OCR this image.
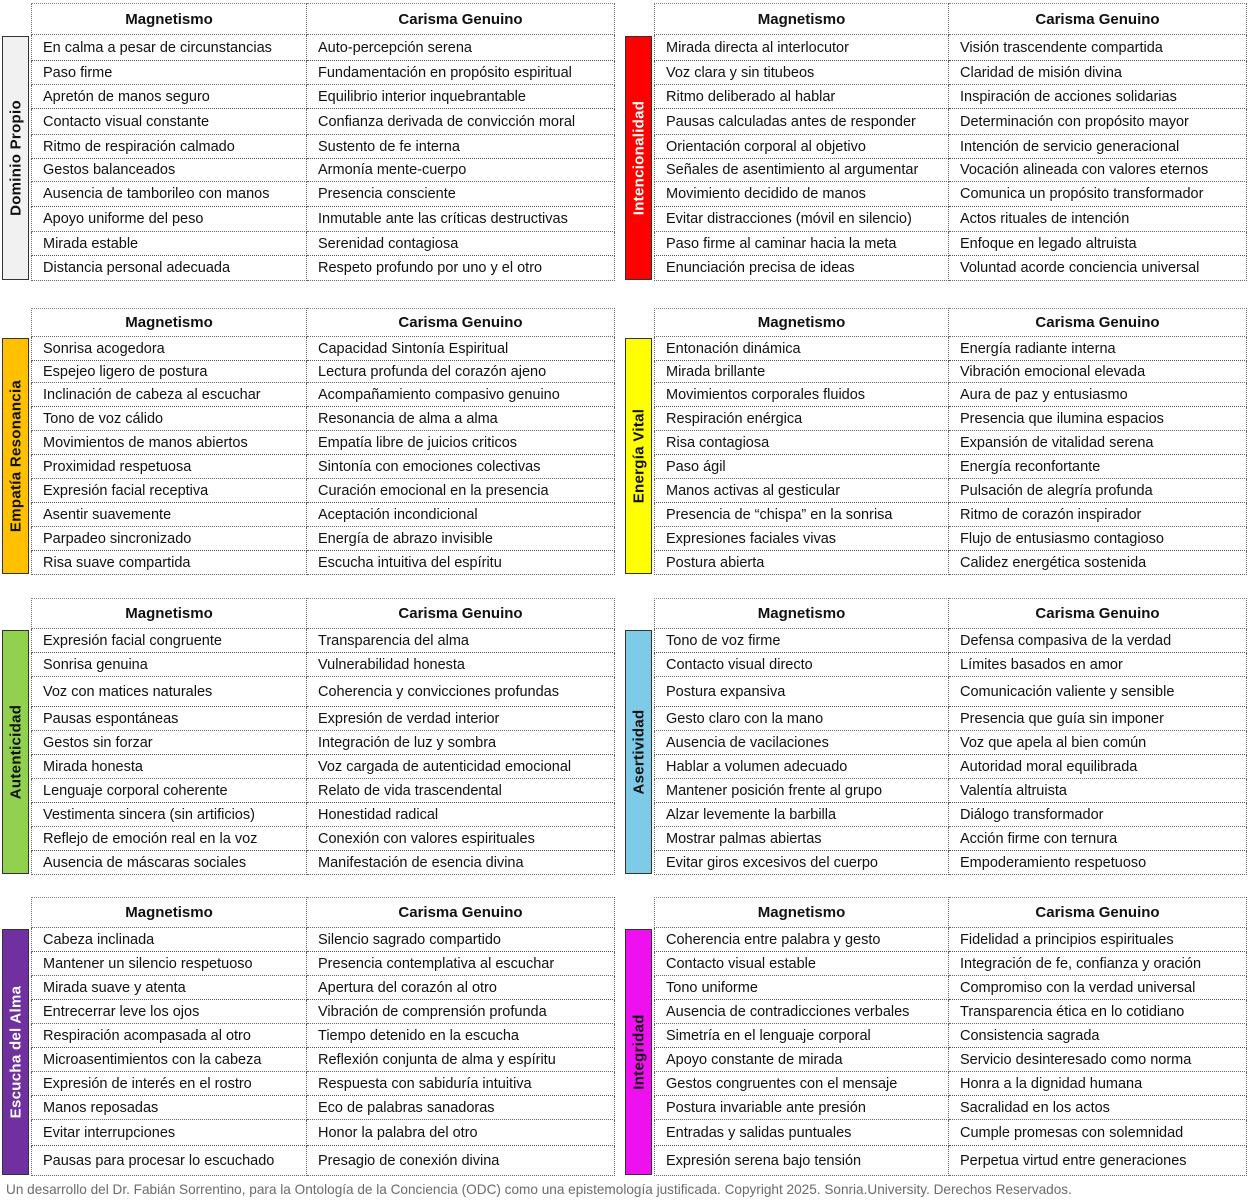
Dominio Propio
Magnetismo	Carisma Genuino
En calma a pesar de circunstancias	Auto-percepción serena
Paso firme	Fundamentación en propósito espiritual
Apretón de manos seguro	Equilibrio interior inquebrantable
Contacto visual constante	Confianza derivada de convicción moral
Ritmo de respiración calmado	Sustento de fe interna
Gestos balanceados	Armonía mente-cuerpo
Ausencia de tamborileo con manos	Presencia consciente
Apoyo uniforme del peso	Inmutable ante las críticas destructivas
Mirada estable	Serenidad contagiosa
Distancia personal adecuada	Respeto profundo por uno y el otro
Intencionalidad
Magnetismo	Carisma Genuino
Mirada directa al interlocutor	Visión trascendente compartida
Voz clara y sin titubeos	Claridad de misión divina
Ritmo deliberado al hablar	Inspiración de acciones solidarias
Pausas calculadas antes de responder	Determinación con propósito mayor
Orientación corporal al objetivo	Intención de servicio generacional
Señales de asentimiento al argumentar	Vocación alineada con valores eternos
Movimiento decidido de manos	Comunica un propósito transformador
Evitar distracciones (móvil en silencio)	Actos rituales de intención
Paso firme al caminar hacia la meta	Enfoque en legado altruista
Enunciación precisa de ideas	Voluntad acorde conciencia universal
Empatía Resonancia
Magnetismo	Carisma Genuino
Sonrisa acogedora	Capacidad Sintonía Espiritual
Espejeo ligero de postura	Lectura profunda del corazón ajeno
Inclinación de cabeza al escuchar	Acompañamiento compasivo genuino
Tono de voz cálido	Resonancia de alma a alma
Movimientos de manos abiertos	Empatía libre de juicios criticos
Proximidad respetuosa	Sintonía con emociones colectivas
Expresión facial receptiva	Curación emocional en la presencia
Asentir suavemente	Aceptación incondicional
Parpadeo sincronizado	Energía de abrazo invisible
Risa suave compartida	Escucha intuitiva del espíritu
Energía Vital
Magnetismo	Carisma Genuino
Entonación dinámica	Energía radiante interna
Mirada brillante	Vibración emocional elevada
Movimientos corporales fluidos	Aura de paz y entusiasmo
Respiración enérgica	Presencia que ilumina espacios
Risa contagiosa	Expansión de vitalidad serena
Paso ágil	Energía reconfortante
Manos activas al gesticular	Pulsación de alegría profunda
Presencia de “chispa” en la sonrisa	Ritmo de corazón inspirador
Expresiones faciales vivas	Flujo de entusiasmo contagioso
Postura abierta	Calidez energética sostenida
Autenticidad
Magnetismo	Carisma Genuino
Expresión facial congruente	Transparencia del alma
Sonrisa genuina	Vulnerabilidad honesta
Voz con matices naturales	Coherencia y convicciones profundas
Pausas espontáneas	Expresión de verdad interior
Gestos sin forzar	Integración de luz y sombra
Mirada honesta	Voz cargada de autenticidad emocional
Lenguaje corporal coherente	Relato de vida trascendental
Vestimenta sincera (sin artificios)	Honestidad radical
Reflejo de emoción real en la voz	Conexión con valores espirituales
Ausencia de máscaras sociales	Manifestación de esencia divina
Asertividad
Magnetismo	Carisma Genuino
Tono de voz firme	Defensa compasiva de la verdad
Contacto visual directo	Límites basados en amor
Postura expansiva	Comunicación valiente y sensible
Gesto claro con la mano	Presencia que guía sin imponer
Ausencia de vacilaciones	Voz que apela al bien común
Hablar a volumen adecuado	Autoridad moral equilibrada
Mantener posición frente al grupo	Valentía altruista
Alzar levemente la barbilla	Diálogo transformador
Mostrar palmas abiertas	Acción firme con ternura
Evitar giros excesivos del cuerpo	Empoderamiento respetuoso
Escucha del Alma
Magnetismo	Carisma Genuino
Cabeza inclinada	Silencio sagrado compartido
Mantener un silencio respetuoso	Presencia contemplativa al escuchar
Mirada suave y atenta	Apertura del corazón al otro
Entrecerrar leve los ojos	Vibración de comprensión profunda
Respiración acompasada al otro	Tiempo detenido en la escucha
Microasentimientos con la cabeza	Reflexión conjunta de alma y espíritu
Expresión de interés en el rostro	Respuesta con sabiduría intuitiva
Manos reposadas	Eco de palabras sanadoras
Evitar interrupciones	Honor la palabra del otro
Pausas para procesar lo escuchado	Presagio de conexión divina
Integridad
Magnetismo	Carisma Genuino
Coherencia entre palabra y gesto	Fidelidad a principios espirituales
Contacto visual estable	Integración de fe, confianza y oración
Tono uniforme	Compromiso con la verdad universal
Ausencia de contradicciones verbales	Transparencia ética en lo cotidiano
Simetría en el lenguaje corporal	Consistencia sagrada
Apoyo constante de mirada	Servicio desinteresado como norma
Gestos congruentes con el mensaje	Honra a la dignidad humana
Postura invariable ante presión	Sacralidad en los actos
Entradas y salidas puntuales	Cumple promesas con solemnidad
Expresión serena bajo tensión	Perpetua virtud entre generaciones
Un desarrollo del Dr. Fabián Sorrentino, para la Ontología de la Conciencia (ODC) como una epistemología justificada. Copyright 2025. Sonria.University. Derechos Reservados.
